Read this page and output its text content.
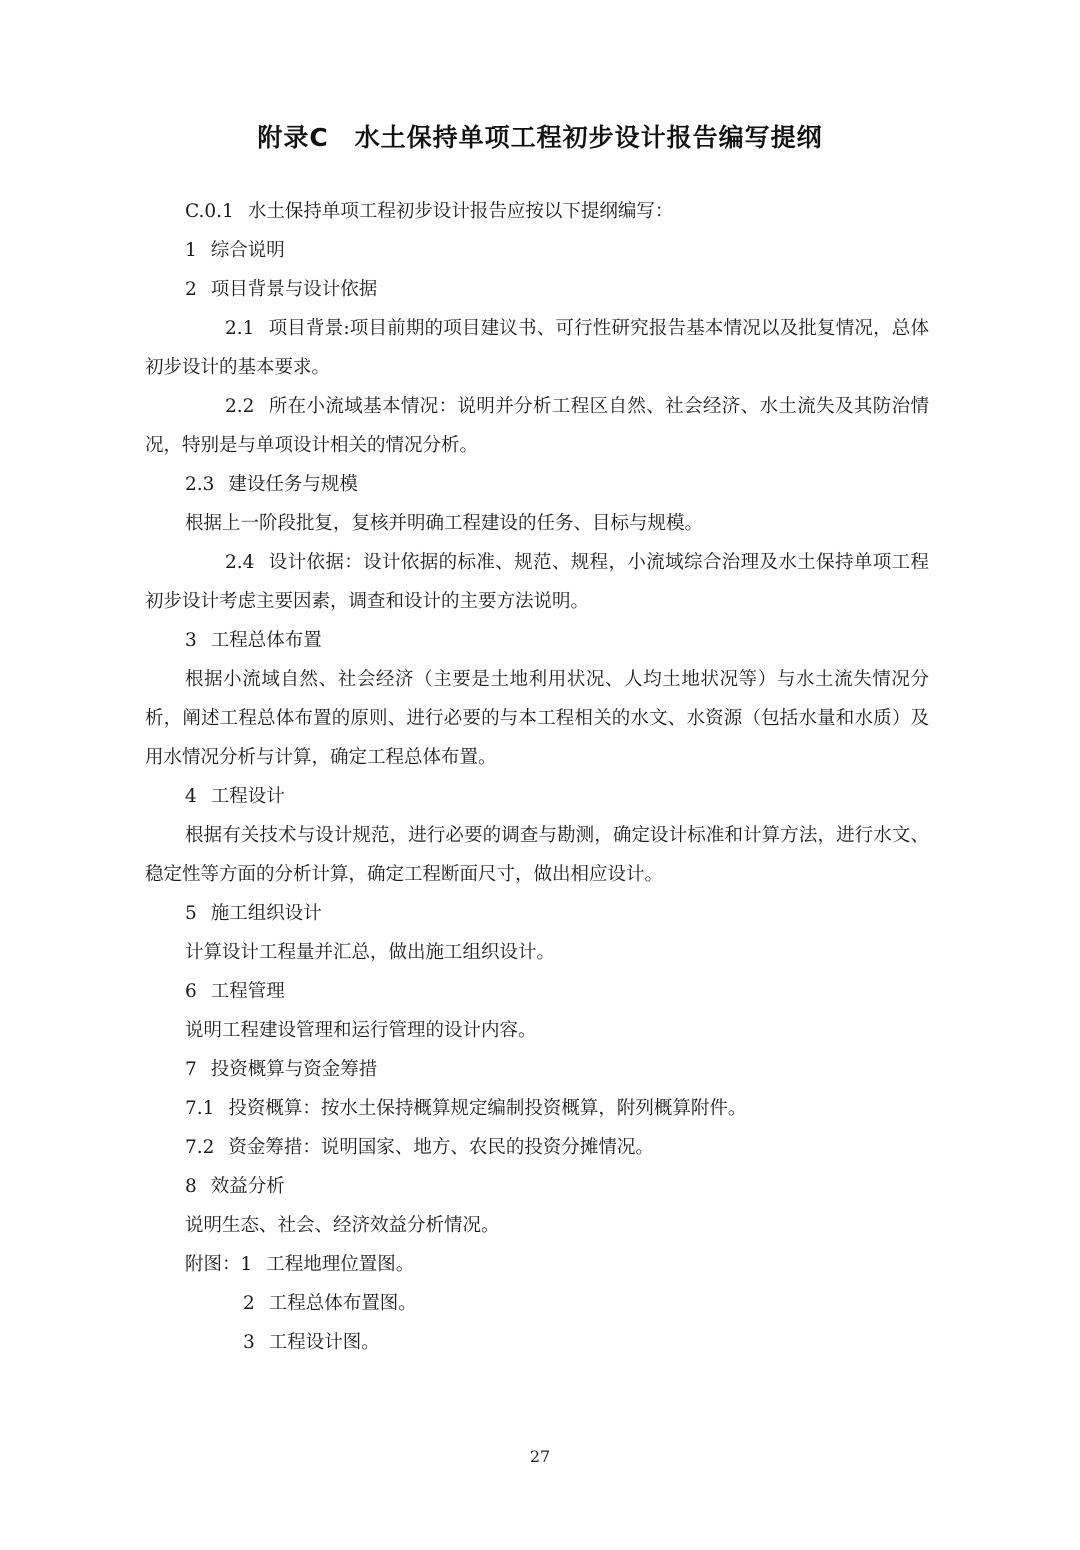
附录C 水土保持单项工程初步设计报告编写提纲
C.0.1 水土保持单项工程初步设计报告应按以下提纲编写：
1 综合说明
2 项目背景与设计依据
2.1 项目背景:项目前期的项目建议书、可行性研究报告基本情况以及批复情况，总体初步设计的基本要求。
2.2 所在小流域基本情况：说明并分析工程区自然、社会经济、水土流失及其防治情况，特别是与单项设计相关的情况分析。
2.3 建设任务与规模
根据上一阶段批复，复核并明确工程建设的任务、目标与规模。
2.4 设计依据：设计依据的标准、规范、规程，小流域综合治理及水土保持单项工程初步设计考虑主要因素，调查和设计的主要方法说明。
3 工程总体布置
根据小流域自然、社会经济（主要是土地利用状况、人均土地状况等）与水土流失情况分析，阐述工程总体布置的原则、进行必要的与本工程相关的水文、水资源（包括水量和水质）及用水情况分析与计算，确定工程总体布置。
4 工程设计
根据有关技术与设计规范，进行必要的调查与勘测，确定设计标准和计算方法，进行水文、稳定性等方面的分析计算，确定工程断面尺寸，做出相应设计。
5 施工组织设计
计算设计工程量并汇总，做出施工组织设计。
6 工程管理
说明工程建设管理和运行管理的设计内容。
7 投资概算与资金筹措
7.1 投资概算：按水土保持概算规定编制投资概算，附列概算附件。
7.2 资金筹措：说明国家、地方、农民的投资分摊情况。
8 效益分析
说明生态、社会、经济效益分析情况。
附图：1 工程地理位置图。
2 工程总体布置图。
3 工程设计图。
27
